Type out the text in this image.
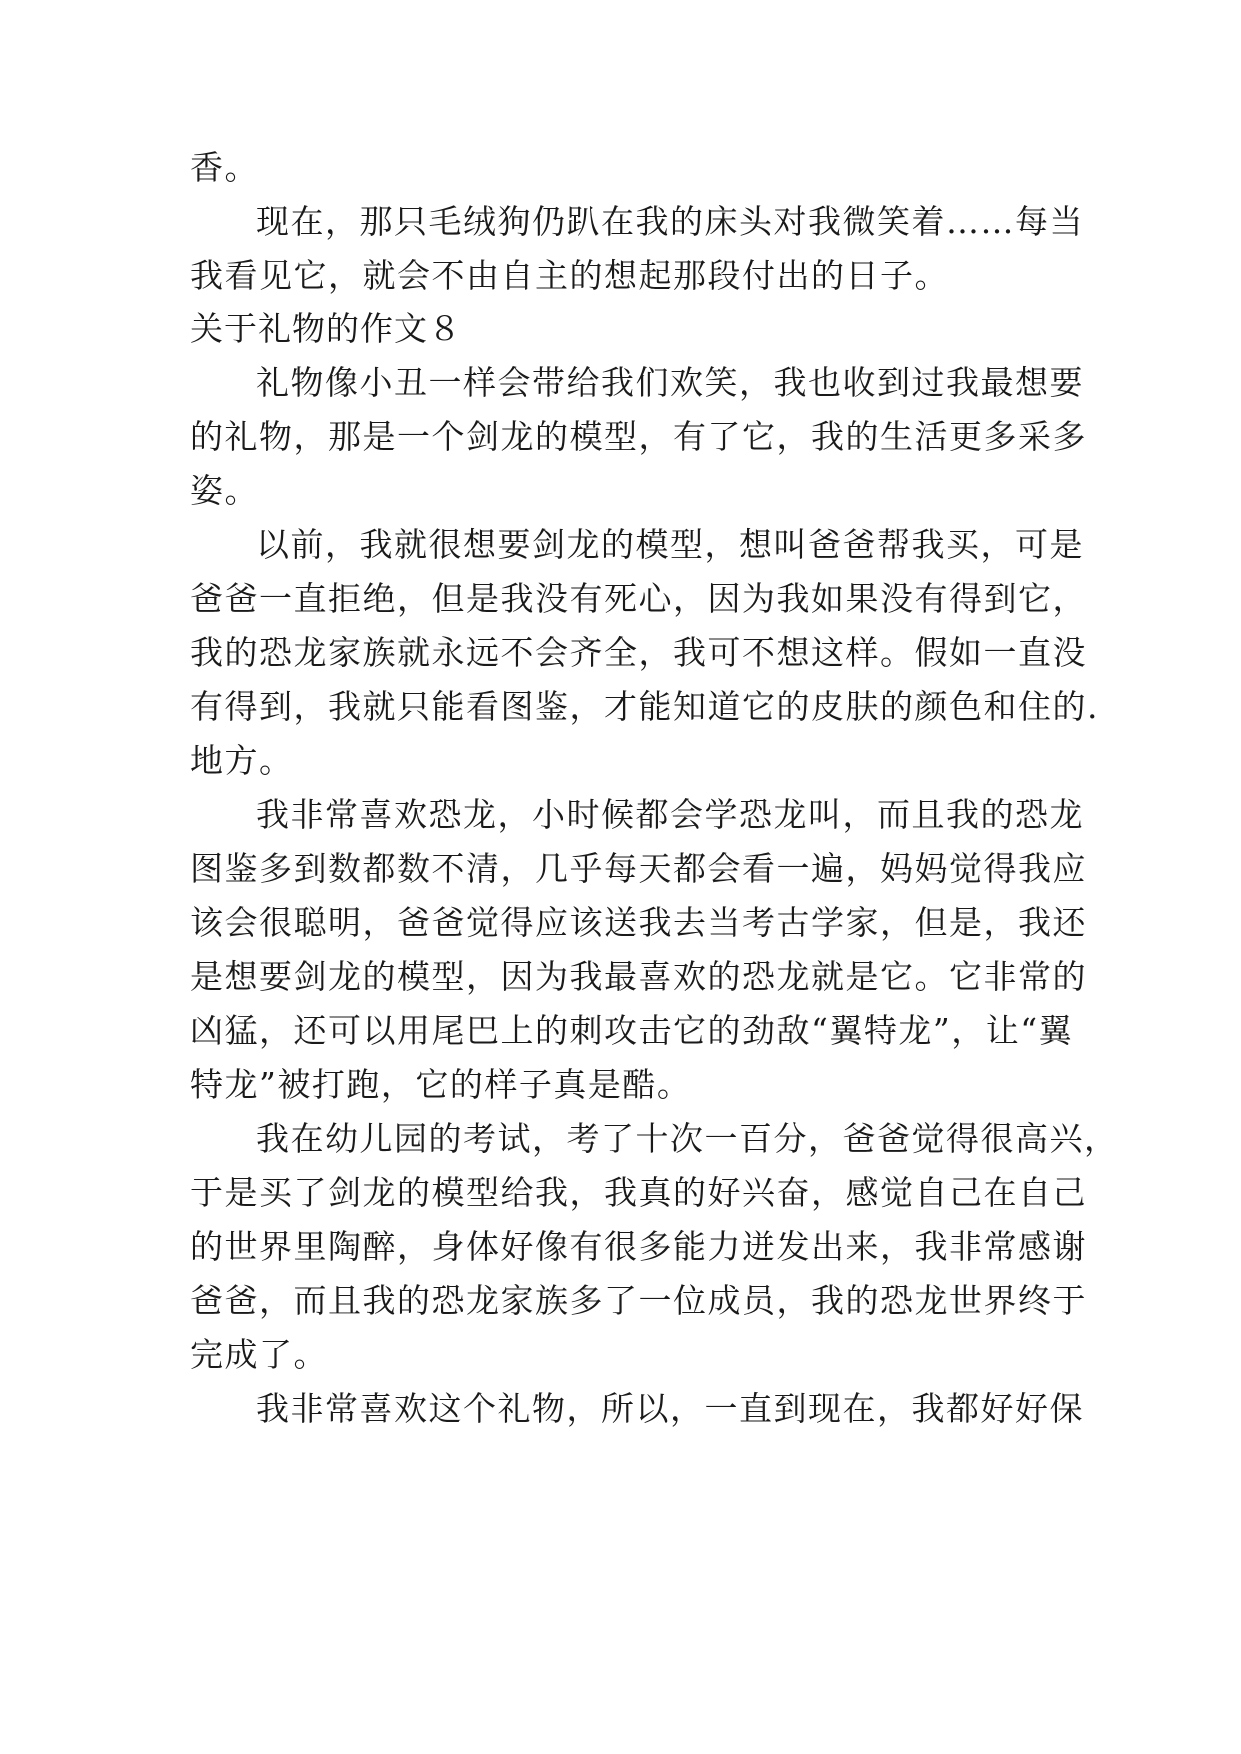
香。

现在，那只毛绒狗仍趴在我的床头对我微笑着……每当

我看见它，就会不由自主的想起那段付出的日子。

关于礼物的作文８

礼物像小丑一样会带给我们欢笑，我也收到过我最想要

的礼物，那是一个剑龙的模型，有了它，我的生活更多采多

姿。

以前，我就很想要剑龙的模型，想叫爸爸帮我买，可是

爸爸一直拒绝，但是我没有死心，因为我如果没有得到它，

我的恐龙家族就永远不会齐全，我可不想这样。假如一直没

有得到，我就只能看图鉴，才能知道它的皮肤的颜色和住的.

地方。

我非常喜欢恐龙，小时候都会学恐龙叫，而且我的恐龙

图鉴多到数都数不清，几乎每天都会看一遍，妈妈觉得我应

该会很聪明，爸爸觉得应该送我去当考古学家，但是，我还

是想要剑龙的模型，因为我最喜欢的恐龙就是它。它非常的

凶猛，还可以用尾巴上的刺攻击它的劲敌“翼特龙”，让“翼

特龙”被打跑，它的样子真是酷。

我在幼儿园的考试，考了十次一百分，爸爸觉得很高兴，

于是买了剑龙的模型给我，我真的好兴奋，感觉自己在自己

的世界里陶醉，身体好像有很多能力迸发出来，我非常感谢

爸爸，而且我的恐龙家族多了一位成员，我的恐龙世界终于

完成了。

我非常喜欢这个礼物，所以，一直到现在，我都好好保
